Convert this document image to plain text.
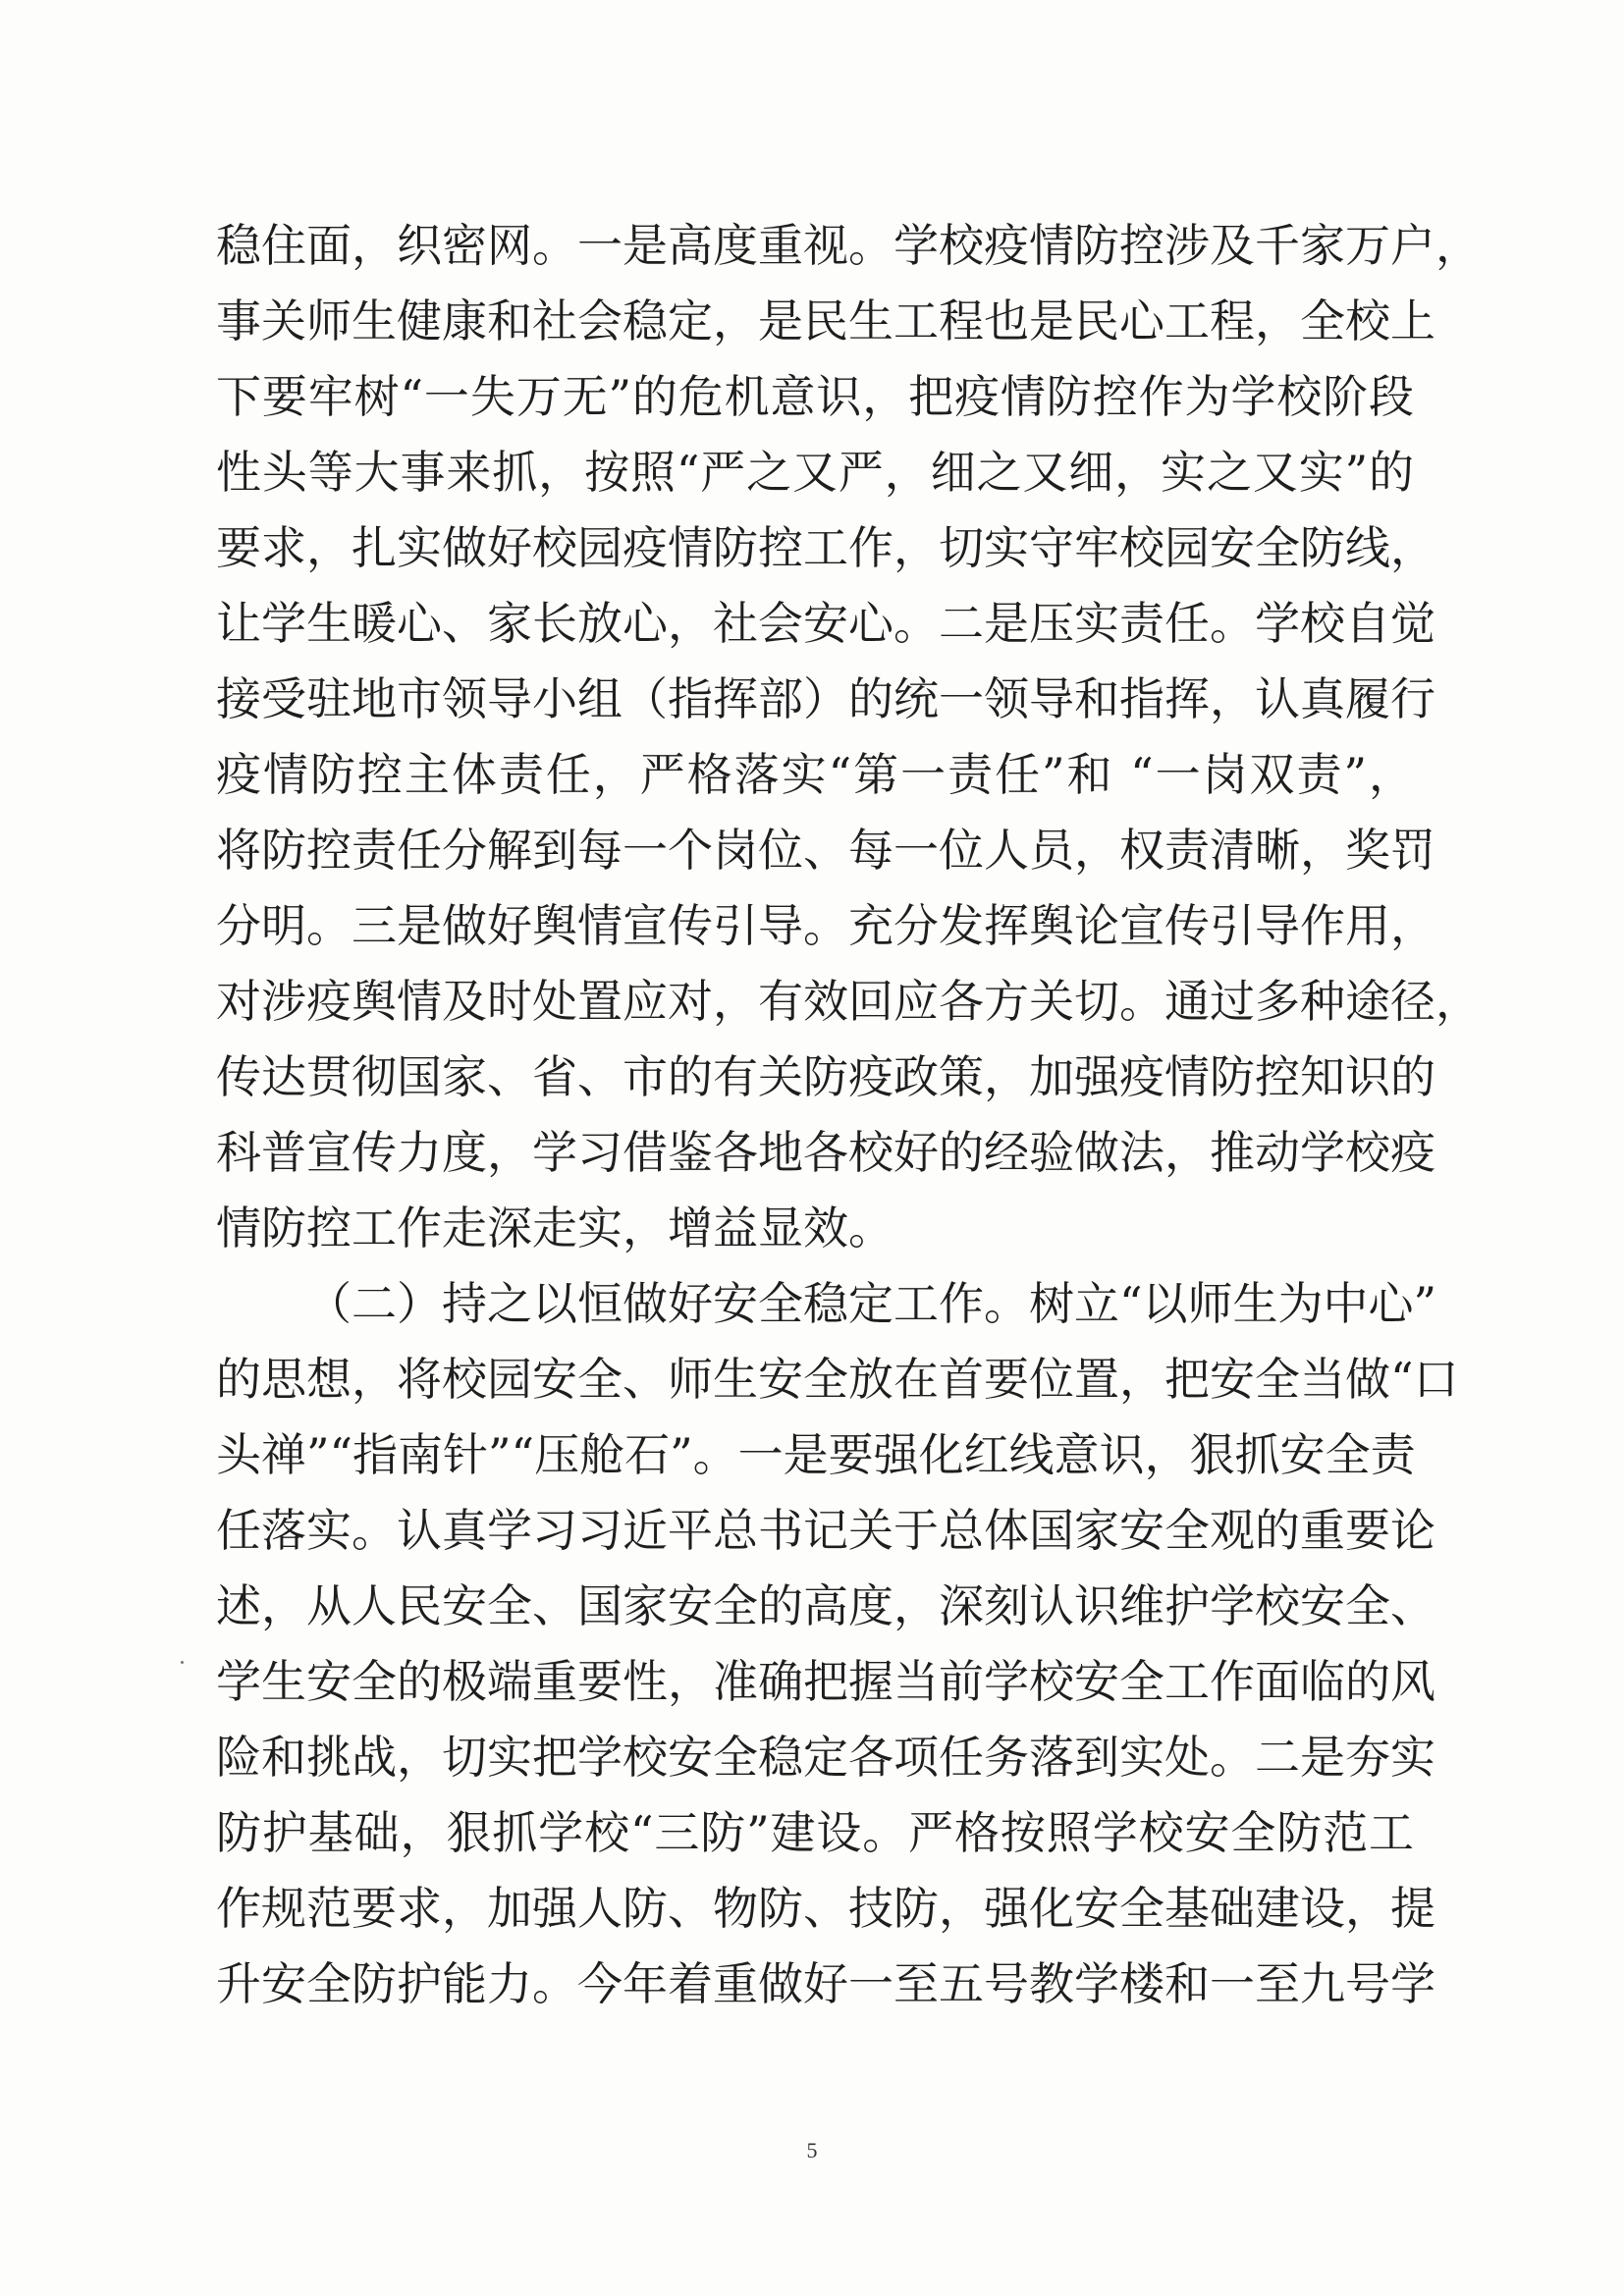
稳住面，织密网。一是高度重视。学校疫情防控涉及千家万户，
事关师生健康和社会稳定，是民生工程也是民心工程，全校上
下要牢树“一失万无”的危机意识，把疫情防控作为学校阶段
性头等大事来抓，按照“严之又严，细之又细，实之又实”的
要求，扎实做好校园疫情防控工作，切实守牢校园安全防线，
让学生暖心、家长放心，社会安心。二是压实责任。学校自觉
接受驻地市领导小组（指挥部）的统一领导和指挥，认真履行
疫情防控主体责任，严格落实“第一责任”和 “一岗双责”，
将防控责任分解到每一个岗位、每一位人员，权责清晰，奖罚
分明。三是做好舆情宣传引导。充分发挥舆论宣传引导作用，
对涉疫舆情及时处置应对，有效回应各方关切。通过多种途径，
传达贯彻国家、省、市的有关防疫政策，加强疫情防控知识的
科普宣传力度，学习借鉴各地各校好的经验做法，推动学校疫
情防控工作走深走实，增益显效。
（二）持之以恒做好安全稳定工作。树立“以师生为中心”
的思想，将校园安全、师生安全放在首要位置，把安全当做“口
头禅”“指南针”“压舱石”。一是要强化红线意识，狠抓安全责
任落实。认真学习习近平总书记关于总体国家安全观的重要论
述，从人民安全、国家安全的高度，深刻认识维护学校安全、
学生安全的极端重要性，准确把握当前学校安全工作面临的风
险和挑战，切实把学校安全稳定各项任务落到实处。二是夯实
防护基础，狠抓学校“三防”建设。严格按照学校安全防范工
作规范要求，加强人防、物防、技防，强化安全基础建设，提
升安全防护能力。今年着重做好一至五号教学楼和一至九号学
5
